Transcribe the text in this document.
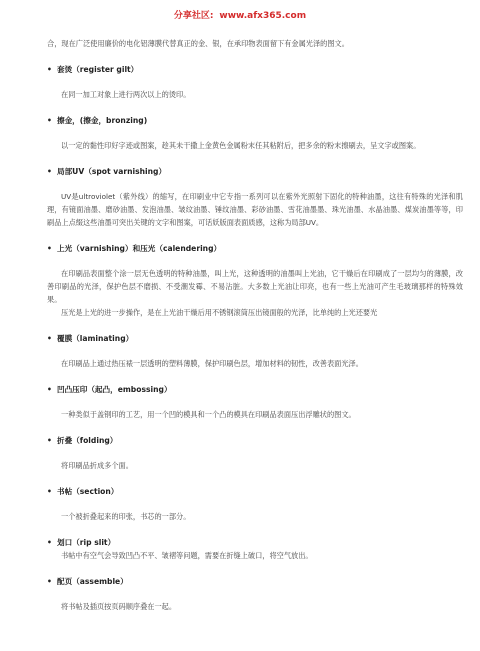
分享社区: www.afx365.com

合，现在广泛使用廉价的电化铝薄膜代替真正的金、银，在承印物表面留下有金属光泽的图文。

• 套烫（register gilt）

在同一加工对象上进行两次以上的烫印。

• 擦金，(擦金，bronzing)

以一定的黏性印好字迹或图案，趁其未干撒上金黄色金属粉末任其粘附后，把多余的粉末擦刷去，呈文字或图案。

• 局部UV（spot varnishing）

UV是ultroviolet（紫外线）的缩写，在印刷业中它专指一系列可以在紫外光照射下固化的特种油墨，这往有特殊的光泽和肌理，有镜面油墨、磨砂油墨、发泡油墨、皱纹油墨、锤纹油墨、彩砂油墨、雪花油墨墨、珠光油墨、水晶油墨、煤炭油墨等等，印刷品上点缀这些油墨可突出关键的文字和图案，可话妖版面表面质感，这称为局部UV。

• 上光（varnishing）和压光（calendering）

在印刷品表面整个涂一层无色透明的特种油墨，叫上光，这种透明的油墨叫上光油，它干燥后在印刷成了一层均匀的薄膜，改善印刷品的光泽，保护色层不磨损、不受潮发霉、不易沾脏。大多数上光油让印亮，也有一些上光油可产生毛玻璃那样的特殊效果。

压光是上光的进一步操作，是在上光油干燥后用不锈钢滚筒压出镜面般的光泽，比单纯的上光还要光

• 覆膜（laminating）

在印刷品上通过热压裱一层透明的塑料薄膜，保护印刷色层，增加材料的韧性，改善表面光泽。

• 凹凸压印（起凸，embossing）

一种类似于盖钢印的工艺，用一个凹的模具和一个凸的模具在印刷品表面压出浮雕状的图文。

• 折叠（folding）

将印刷品折成多个面。

• 书帖（section）

一个被折叠起来的印张，书芯的一部分。

• 划口（rip slit）

书帖中有空气会导致凹凸不平、皱褶等问题，需要在折缝上破口，将空气放出。

• 配页（assemble）

将书帖及插页按页码顺序叠在一起。
